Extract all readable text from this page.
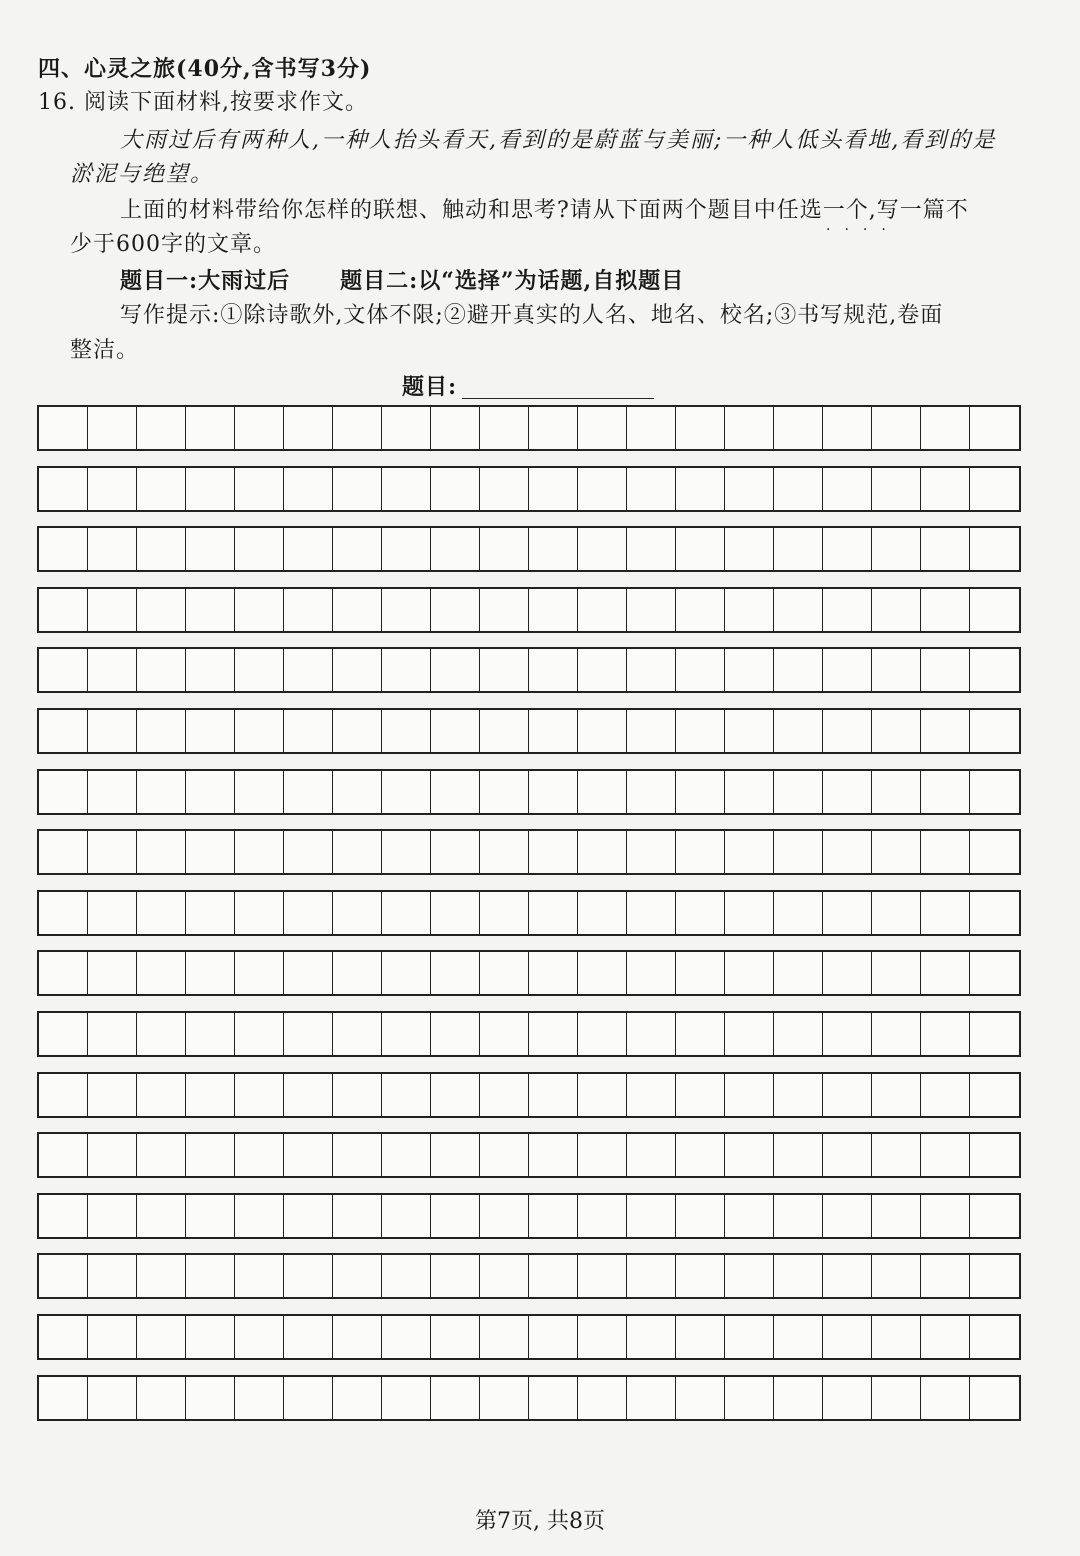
四、心灵之旅(40分,含书写3分)
16. 阅读下面材料,按要求作文。
大雨过后有两种人,一种人抬头看天,看到的是蔚蓝与美丽;一种人低头看地,看到的是
淤泥与绝望。
上面的材料带给你怎样的联想、触动和思考?请从下面两个题目中任选一个,写一篇不
····
少于600字的文章。
题目一:大雨过后 题目二:以“选择”为话题,自拟题目
写作提示:①除诗歌外,文体不限;②避开真实的人名、地名、校名;③书写规范,卷面
整洁。
题目:
第7页, 共8页
